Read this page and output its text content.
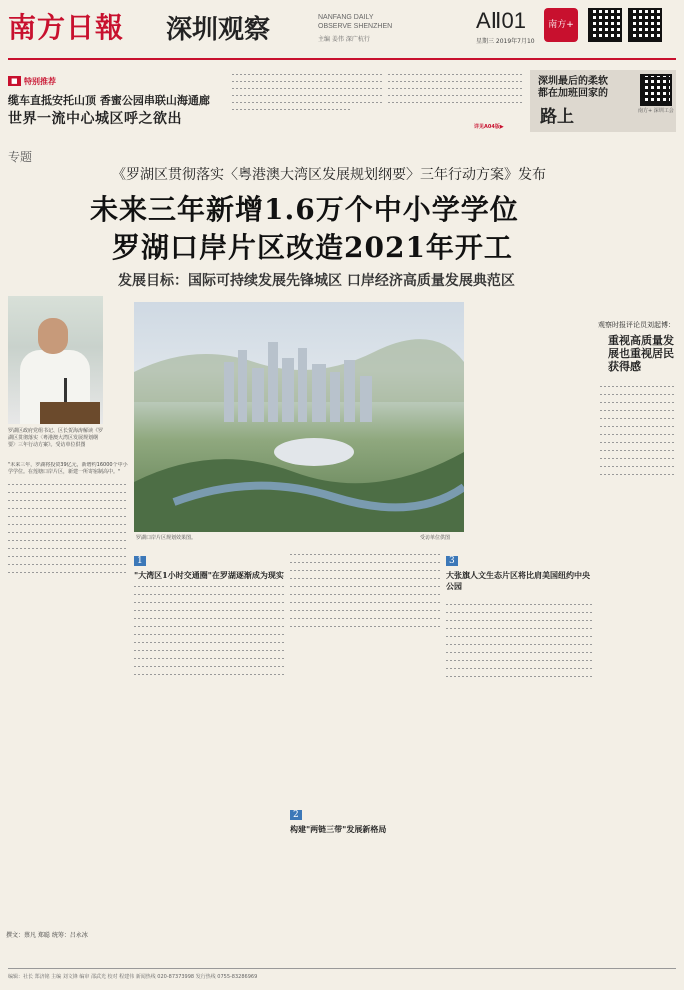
南方日報 深圳观察	NANFANG DAILY
OBSERVE SHENZHEN
主编 姜伟 深广杭行
AⅡ01
星期三 2019年7月10
南方+
■ 特别推荐
缆车直抵安托山顶 香蜜公园串联山海通廊
世界一流中心城区呼之欲出	详见A04版▶
深圳最后的柔软
都在加班回家的
路上	南方+ 深圳工会
专题
《罗湖区贯彻落实〈粤港澳大湾区发展规划纲要〉三年行动方案》发布
未来三年新增1.6万个中小学学位
罗湖口岸片区改造2021年开工
发展目标：国际可持续发展先锋城区 口岸经济高质量发展典范区
罗湖区政府党组书记、区长贺海涛解读《罗湖区贯彻落实〈粤港澳大湾区发展规划纲要〉三年行动方案》。受访单位供图
罗湖口岸片区规划效果图。	受访单位供图
"未来三年，罗湖将投资39亿元，新增约16000个中小学学位。在莲塘口岸片区，新建一所寄宿制高中。"
1
"大湾区1小时交通圈"在罗湖逐渐成为现实
2
构建"两链三带"发展新格局
3
大张旗人文生态片区将比肩美国纽约中央公园
观察时报评论员刘起博：
重视高质量发展也重视居民获得感
撰文：蔡凡 郑聪 统筹：吕永冰
编辑：社长 郑济铭 主编 刘文锋 编审 邵武光 校对 程建伟 新闻热线 020-87373998 发行热线 0755-83286969
